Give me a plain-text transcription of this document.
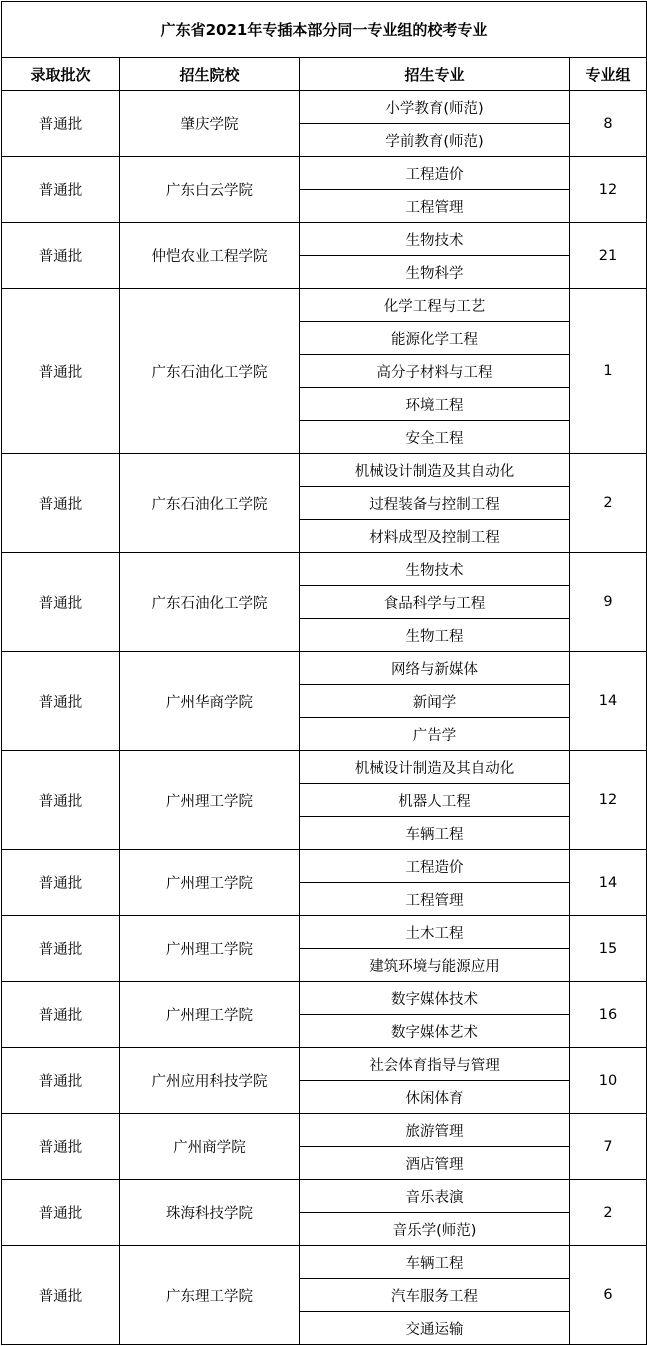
广东省2021年专插本部分同一专业组的校考专业			
录取批次	招生院校	招生专业	专业组
普通批	肇庆学院	小学教育(师范)	8
		学前教育(师范)	
普通批	广东白云学院	工程造价	12
		工程管理	
普通批	仲恺农业工程学院	生物技术	21
		生物科学	
普通批	广东石油化工学院	化学工程与工艺	1
		能源化学工程	
		高分子材料与工程	
		环境工程	
		安全工程	
普通批	广东石油化工学院	机械设计制造及其自动化	2
		过程装备与控制工程	
		材料成型及控制工程	
普通批	广东石油化工学院	生物技术	9
		食品科学与工程	
		生物工程	
普通批	广州华商学院	网络与新媒体	14
		新闻学	
		广告学	
普通批	广州理工学院	机械设计制造及其自动化	12
		机器人工程	
		车辆工程	
普通批	广州理工学院	工程造价	14
		工程管理	
普通批	广州理工学院	土木工程	15
		建筑环境与能源应用	
普通批	广州理工学院	数字媒体技术	16
		数字媒体艺术	
普通批	广州应用科技学院	社会体育指导与管理	10
		休闲体育	
普通批	广州商学院	旅游管理	7
		酒店管理	
普通批	珠海科技学院	音乐表演	2
		音乐学(师范)	
普通批	广东理工学院	车辆工程	6
		汽车服务工程	
		交通运输	
